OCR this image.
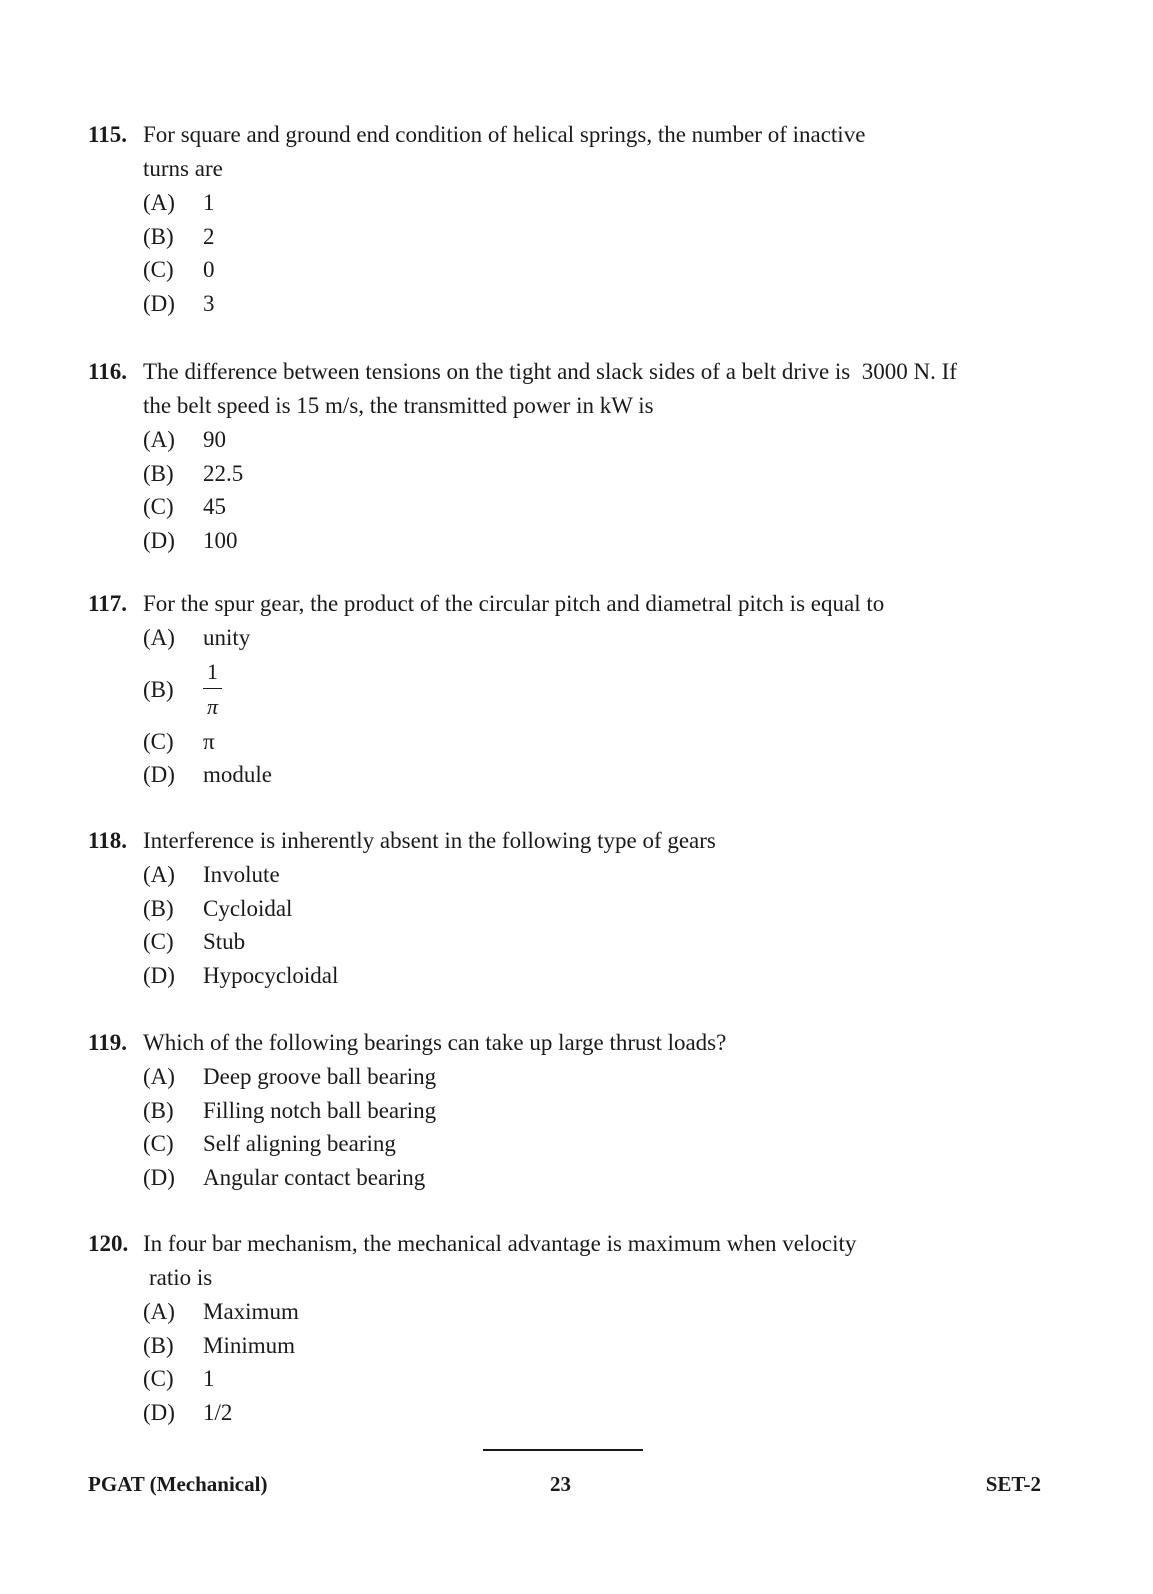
115. For square and ground end condition of helical springs, the number of inactive
turns are
(A)	1
(B)	2
(C)	0
(D)	3
116. The difference between tensions on the tight and slack sides of a belt drive is  3000 N. If
the belt speed is 15 m/s, the transmitted power in kW is
(A)	90
(B)	22.5
(C)	45
(D)	100
117. For the spur gear, the product of the circular pitch and diametral pitch is equal to
(A)	unity
(B)	$\frac{1}{\pi}$
(C)	π
(D)	module
118. Interference is inherently absent in the following type of gears
(A)	Involute
(B)	Cycloidal
(C)	Stub
(D)	Hypocycloidal
119. Which of the following bearings can take up large thrust loads?
(A)	Deep groove ball bearing
(B)	Filling notch ball bearing
(C)	Self aligning bearing
(D)	Angular contact bearing
120. In four bar mechanism, the mechanical advantage is maximum when velocity
ratio is
(A)	Maximum
(B)	Minimum
(C)	1
(D)	1/2
PGAT (Mechanical)	23	SET-2
